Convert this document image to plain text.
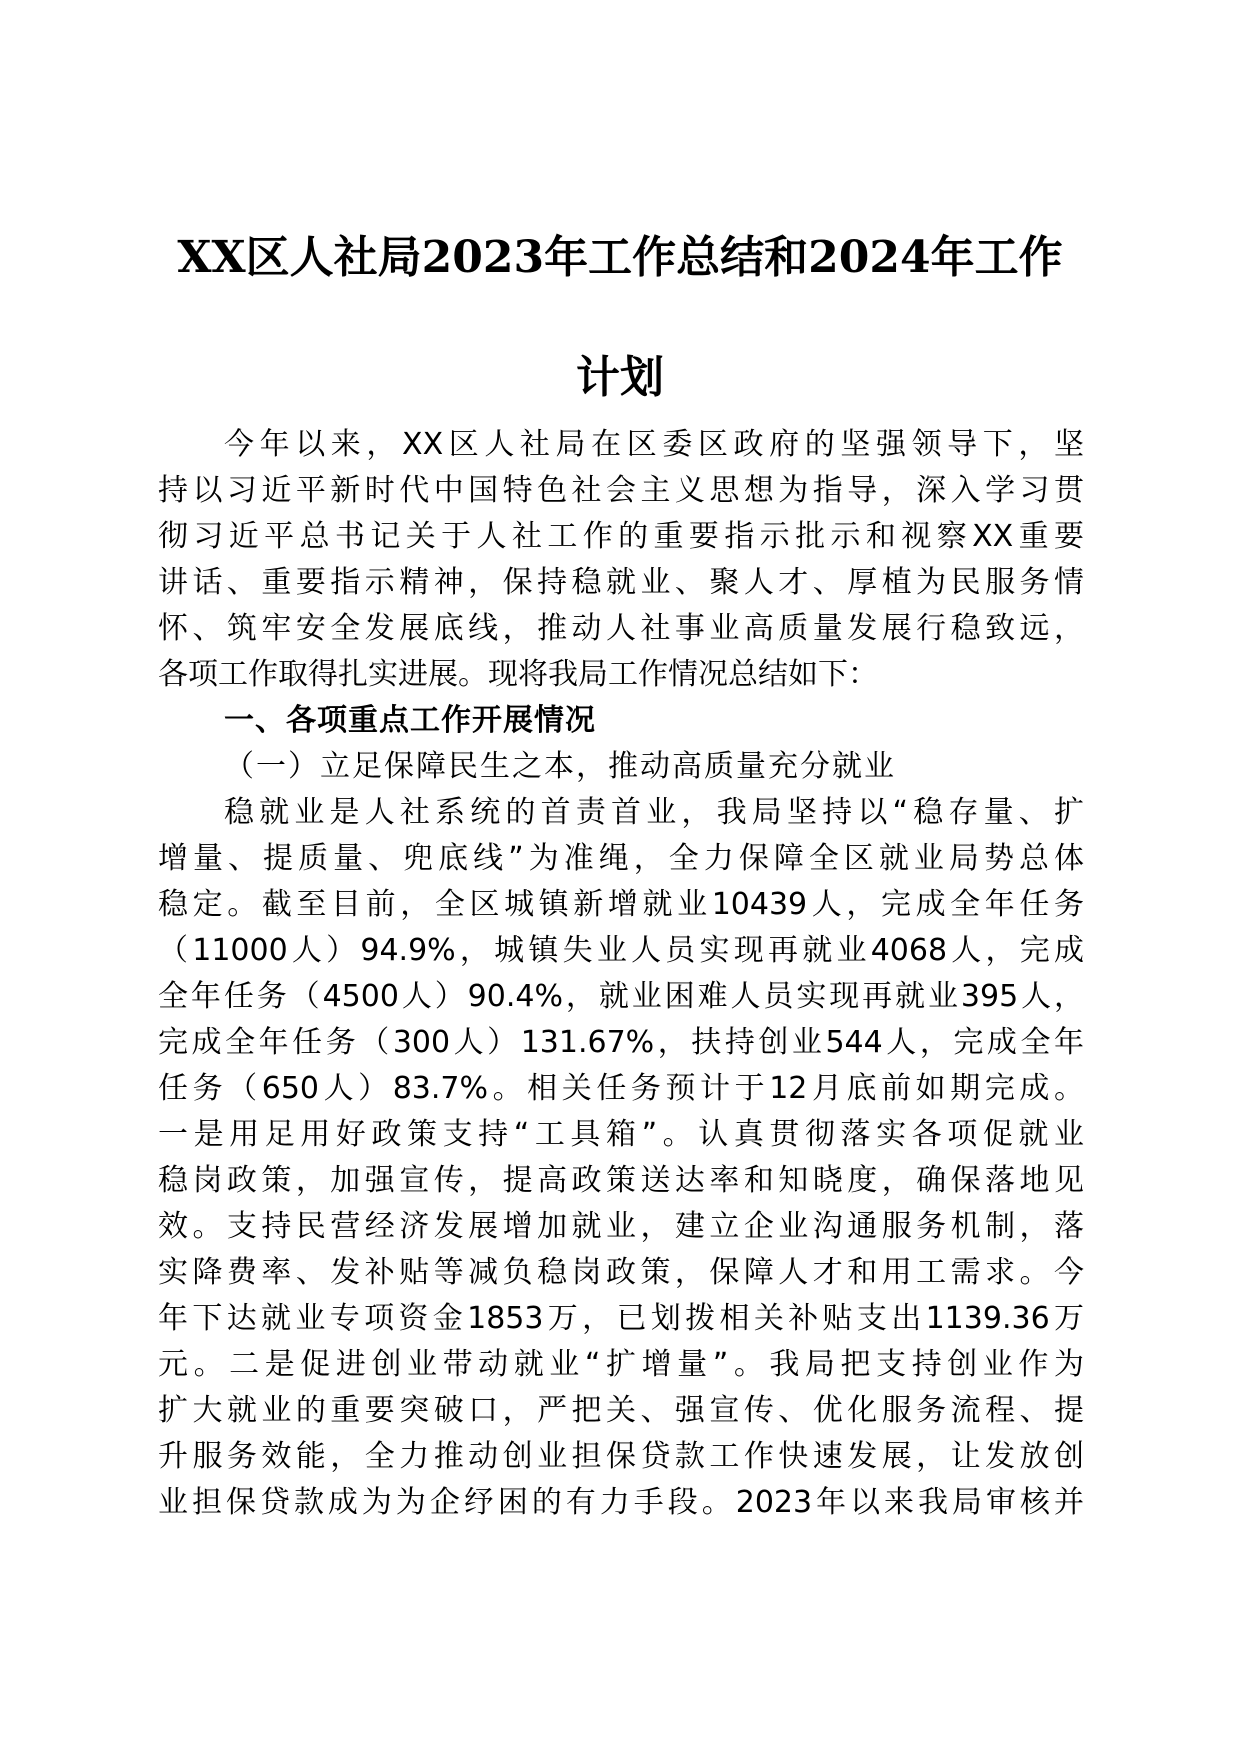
XX区人社局2023年工作总结和2024年工作
计划
今年以来，XX区人社局在区委区政府的坚强领导下，坚
持以习近平新时代中国特色社会主义思想为指导，深入学习贯
彻习近平总书记关于人社工作的重要指示批示和视察XX重要
讲话、重要指示精神，保持稳就业、聚人才、厚植为民服务情
怀、筑牢安全发展底线，推动人社事业高质量发展行稳致远，
各项工作取得扎实进展。现将我局工作情况总结如下：
一、各项重点工作开展情况
（一）立足保障民生之本，推动高质量充分就业
稳就业是人社系统的首责首业，我局坚持以“稳存量、扩
增量、提质量、兜底线”为准绳，全力保障全区就业局势总体
稳定。截至目前，全区城镇新增就业10439人，完成全年任务
（11000人）94.9%，城镇失业人员实现再就业4068人，完成
全年任务（4500人）90.4%，就业困难人员实现再就业395人，
完成全年任务（300人）131.67%，扶持创业544人，完成全年
任务（650人）83.7%。相关任务预计于12月底前如期完成。
一是用足用好政策支持“工具箱”。认真贯彻落实各项促就业
稳岗政策，加强宣传，提高政策送达率和知晓度，确保落地见
效。支持民营经济发展增加就业，建立企业沟通服务机制，落
实降费率、发补贴等减负稳岗政策，保障人才和用工需求。今
年下达就业专项资金1853万，已划拨相关补贴支出1139.36万
元。二是促进创业带动就业“扩增量”。我局把支持创业作为
扩大就业的重要突破口，严把关、强宣传、优化服务流程、提
升服务效能，全力推动创业担保贷款工作快速发展，让发放创
业担保贷款成为为企纾困的有力手段。2023年以来我局审核并
